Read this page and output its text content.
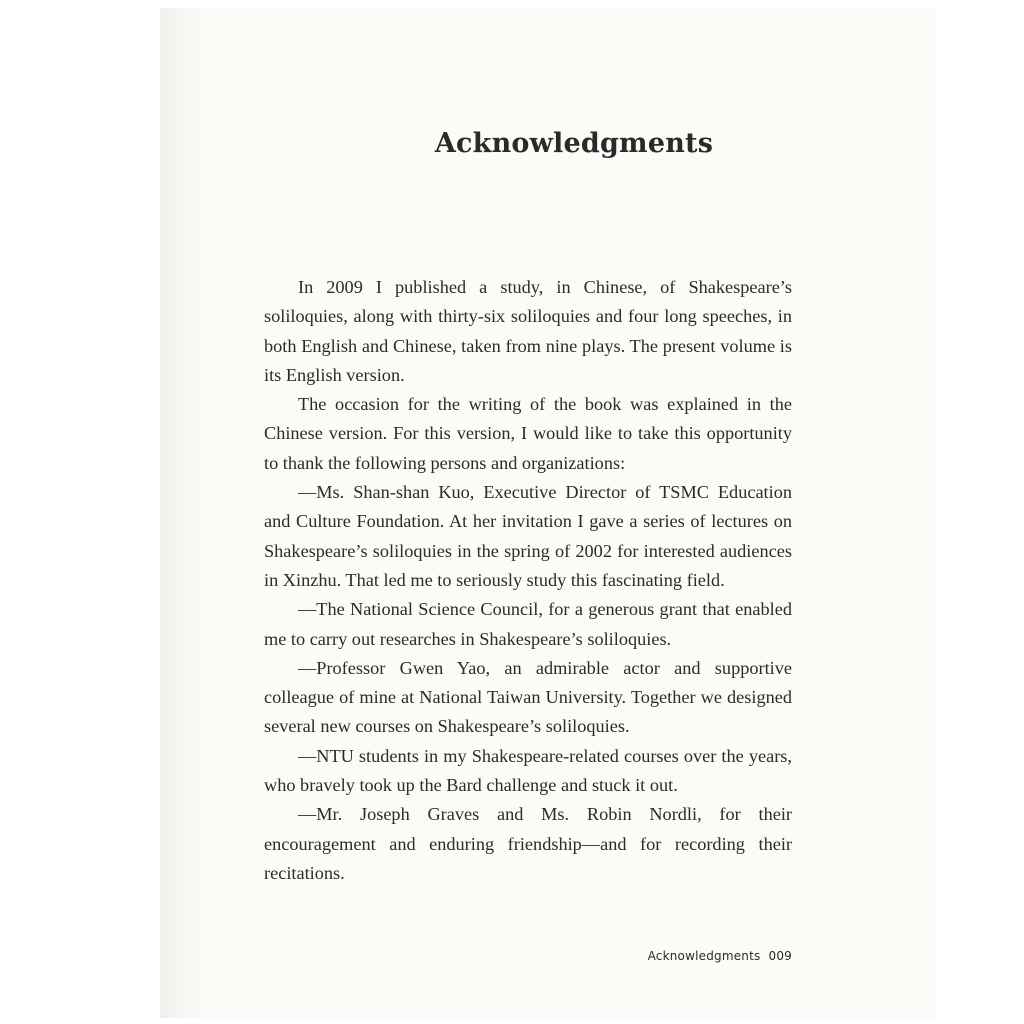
Acknowledgments

In 2009 I published a study, in Chinese, of Shakespeare’s soliloquies, along with thirty-six soliloquies and four long speeches, in both English and Chinese, taken from nine plays. The present volume is its English version.

The occasion for the writing of the book was explained in the Chinese version. For this version, I would like to take this opportunity to thank the following persons and organizations:

—Ms. Shan-shan Kuo, Executive Director of TSMC Education and Culture Foundation. At her invitation I gave a series of lectures on Shakespeare’s soliloquies in the spring of 2002 for interested audiences in Xinzhu. That led me to seriously study this fascinating field.

—The National Science Council, for a generous grant that enabled me to carry out researches in Shakespeare’s soliloquies.

—Professor Gwen Yao, an admirable actor and supportive colleague of mine at National Taiwan University. Together we designed several new courses on Shakespeare’s soliloquies.

—NTU students in my Shakespeare-related courses over the years, who bravely took up the Bard challenge and stuck it out.

—Mr. Joseph Graves and Ms. Robin Nordli, for their encouragement and enduring friendship—and for recording their recitations.

Acknowledgments 009
